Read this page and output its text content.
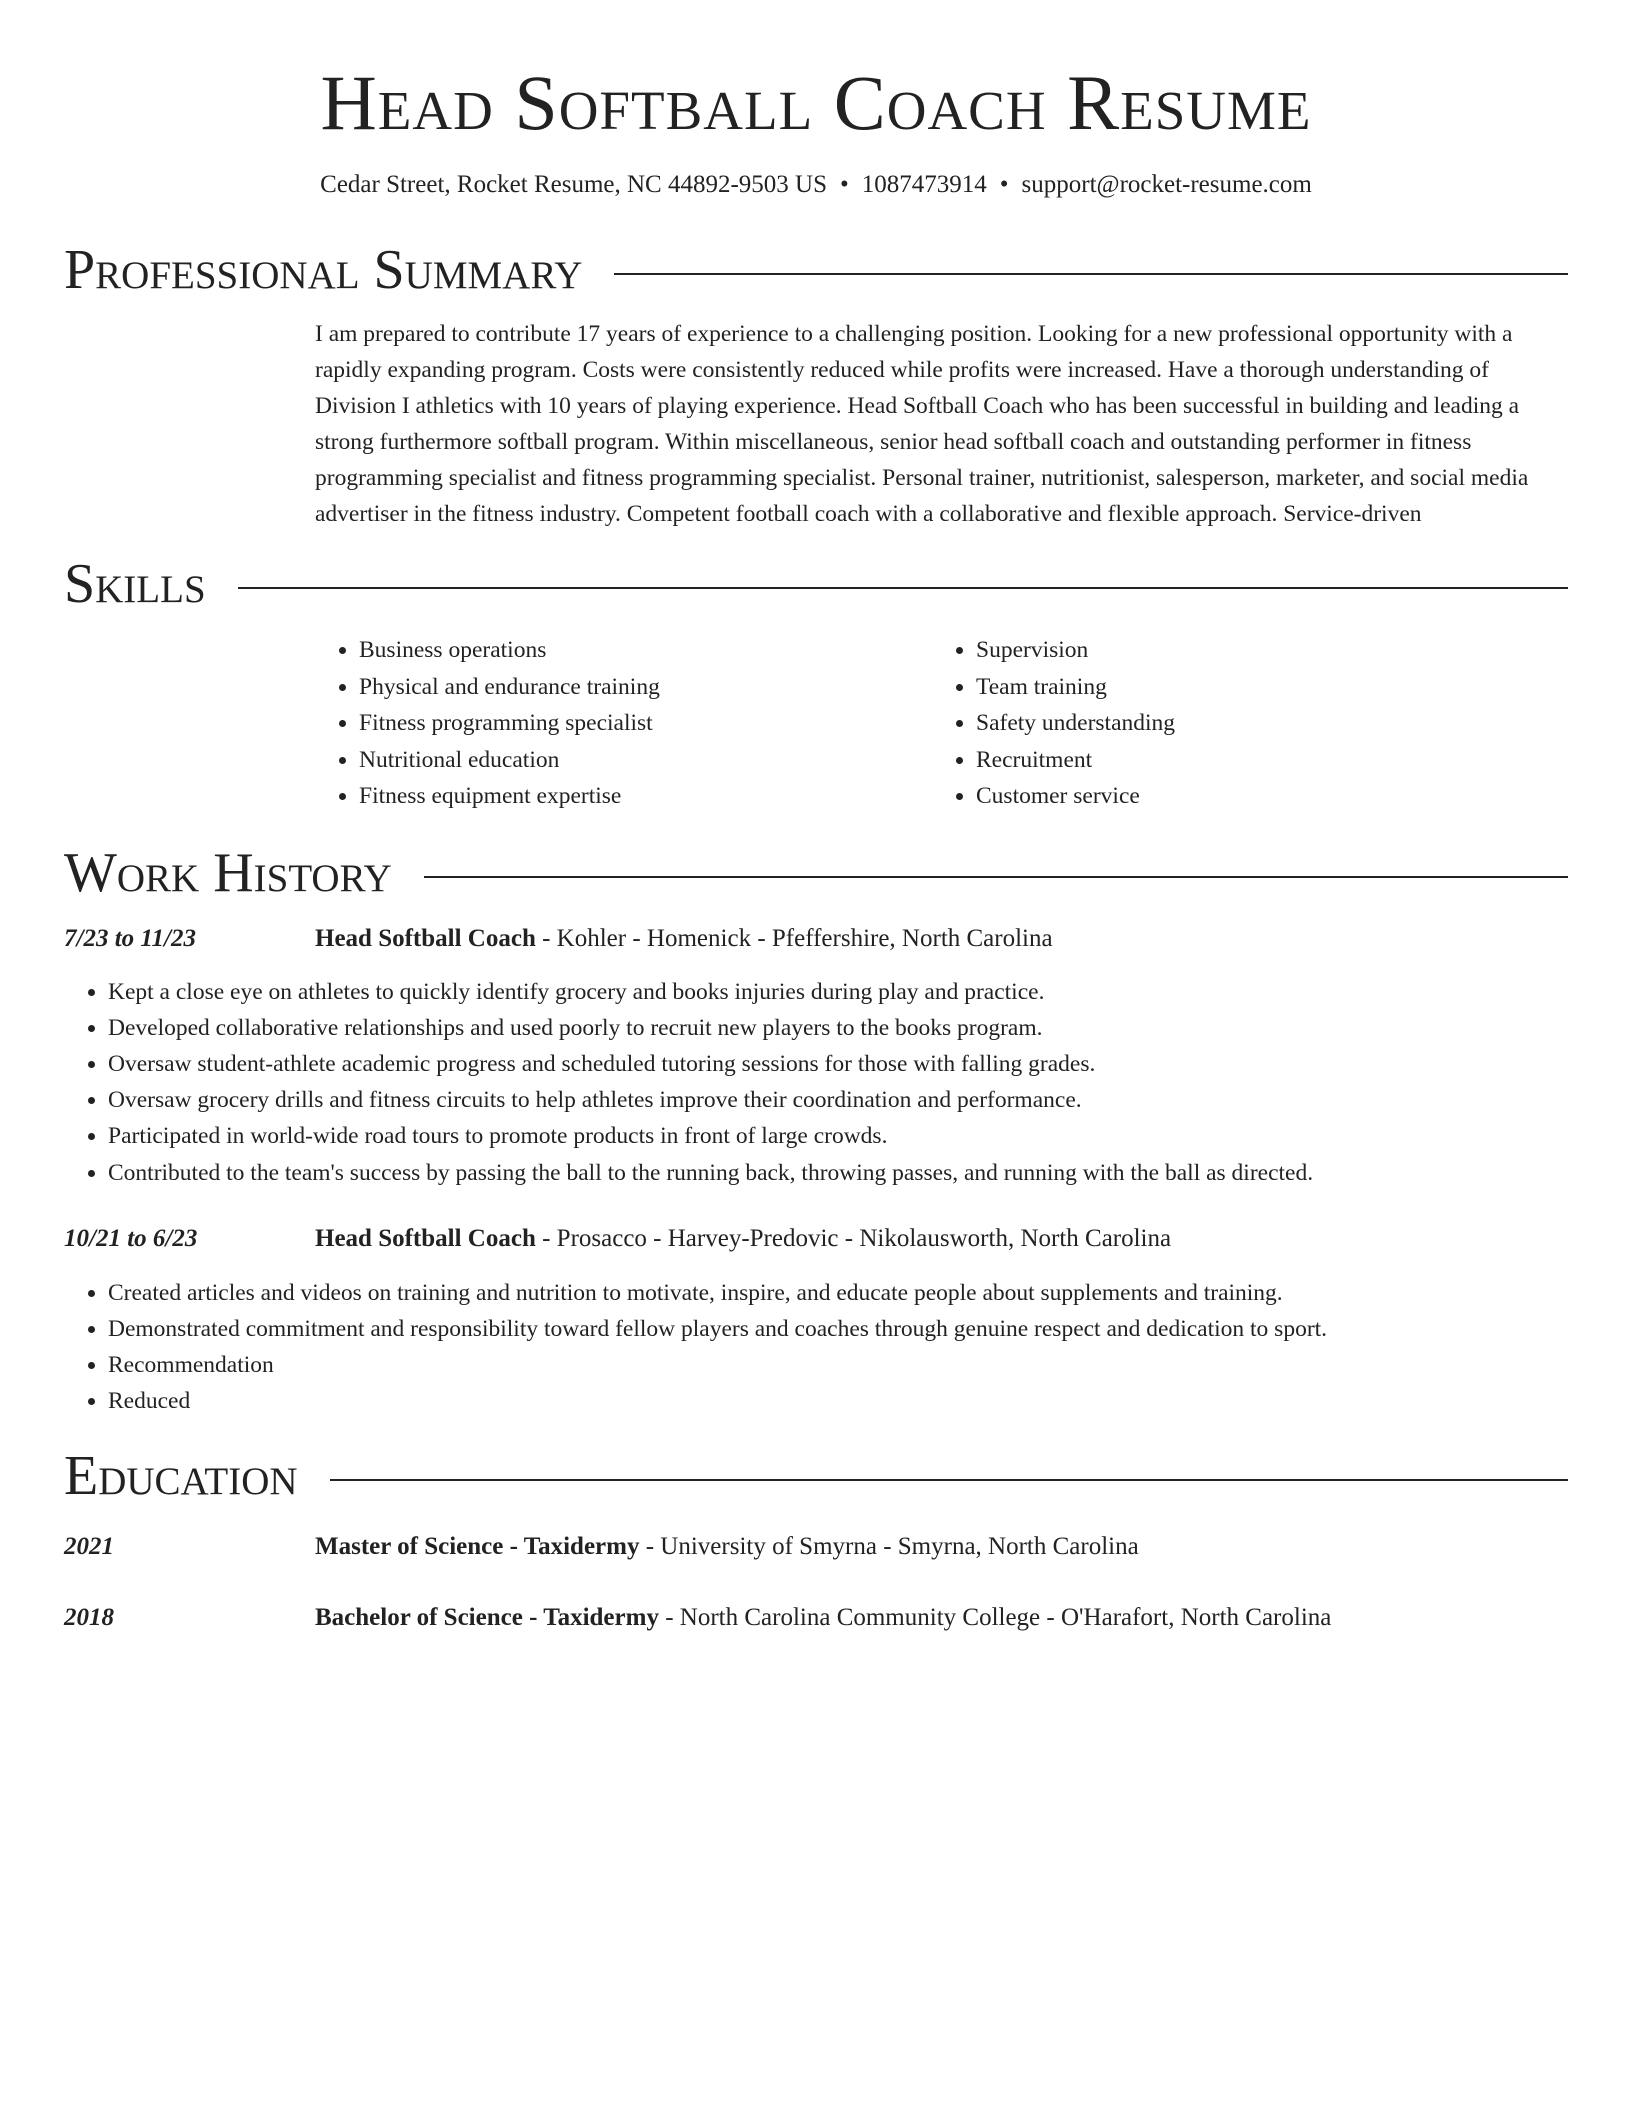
Head Softball Coach Resume
Cedar Street, Rocket Resume, NC 44892-9503 US • 1087473914 • support@rocket-resume.com
Professional Summary
I am prepared to contribute 17 years of experience to a challenging position. Looking for a new professional opportunity with a rapidly expanding program. Costs were consistently reduced while profits were increased. Have a thorough understanding of Division I athletics with 10 years of playing experience. Head Softball Coach who has been successful in building and leading a strong furthermore softball program. Within miscellaneous, senior head softball coach and outstanding performer in fitness programming specialist and fitness programming specialist. Personal trainer, nutritionist, salesperson, marketer, and social media advertiser in the fitness industry. Competent football coach with a collaborative and flexible approach. Service-driven
Skills
• Business operations
• Physical and endurance training
• Fitness programming specialist
• Nutritional education
• Fitness equipment expertise
• Supervision
• Team training
• Safety understanding
• Recruitment
• Customer service
Work History
7/23 to 11/23	Head Softball Coach - Kohler - Homenick - Pfeffershire, North Carolina
• Kept a close eye on athletes to quickly identify grocery and books injuries during play and practice.
• Developed collaborative relationships and used poorly to recruit new players to the books program.
• Oversaw student-athlete academic progress and scheduled tutoring sessions for those with falling grades.
• Oversaw grocery drills and fitness circuits to help athletes improve their coordination and performance.
• Participated in world-wide road tours to promote products in front of large crowds.
• Contributed to the team's success by passing the ball to the running back, throwing passes, and running with the ball as directed.
10/21 to 6/23	Head Softball Coach - Prosacco - Harvey-Predovic - Nikolausworth, North Carolina
• Created articles and videos on training and nutrition to motivate, inspire, and educate people about supplements and training.
• Demonstrated commitment and responsibility toward fellow players and coaches through genuine respect and dedication to sport.
• Recommendation
• Reduced
Education
2021	Master of Science - Taxidermy - University of Smyrna - Smyrna, North Carolina
2018	Bachelor of Science - Taxidermy - North Carolina Community College - O'Harafort, North Carolina
